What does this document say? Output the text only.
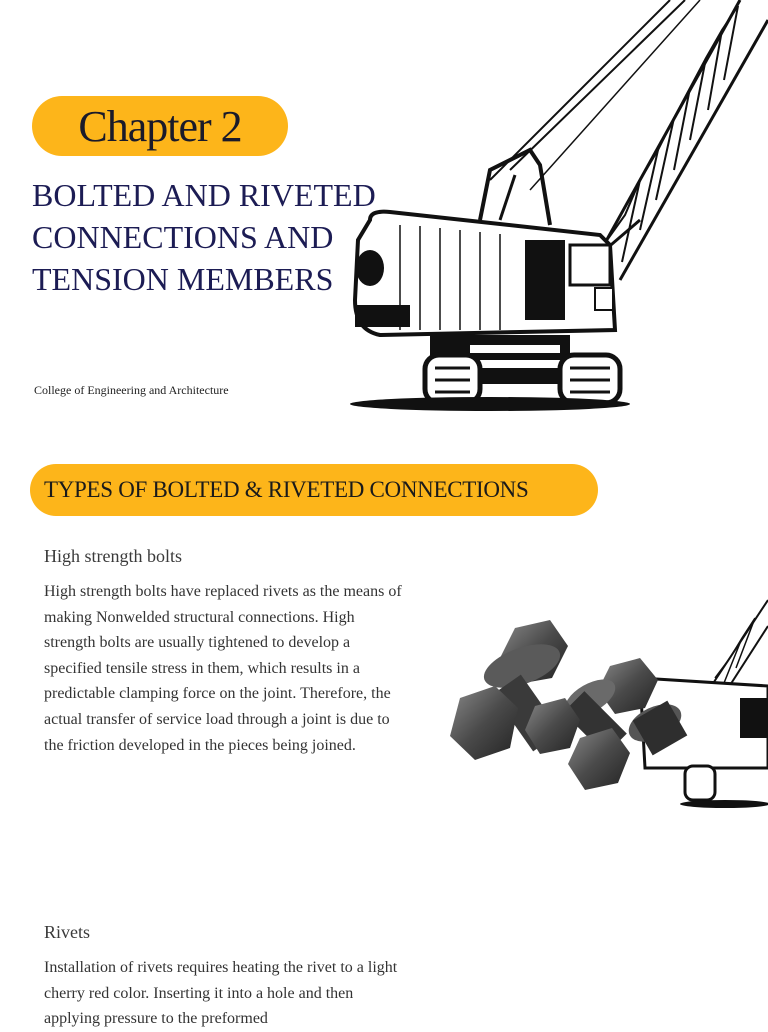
Chapter 2
BOLTED AND RIVETED
CONNECTIONS AND
TENSION MEMBERS
College of Engineering and Architecture
TYPES OF BOLTED & RIVETED CONNECTIONS
High strength bolts

High strength bolts have replaced rivets as the means of making Nonwelded structural connections. High strength bolts are usually tightened to develop a specified tensile stress in them, which results in a predictable clamping force on the joint. Therefore, the actual transfer of service load through a joint is due to the friction developed in the pieces being joined.

Rivets

Installation of rivets requires heating the rivet to a light cherry red color. Inserting it into a hole and then applying pressure to the preformed
